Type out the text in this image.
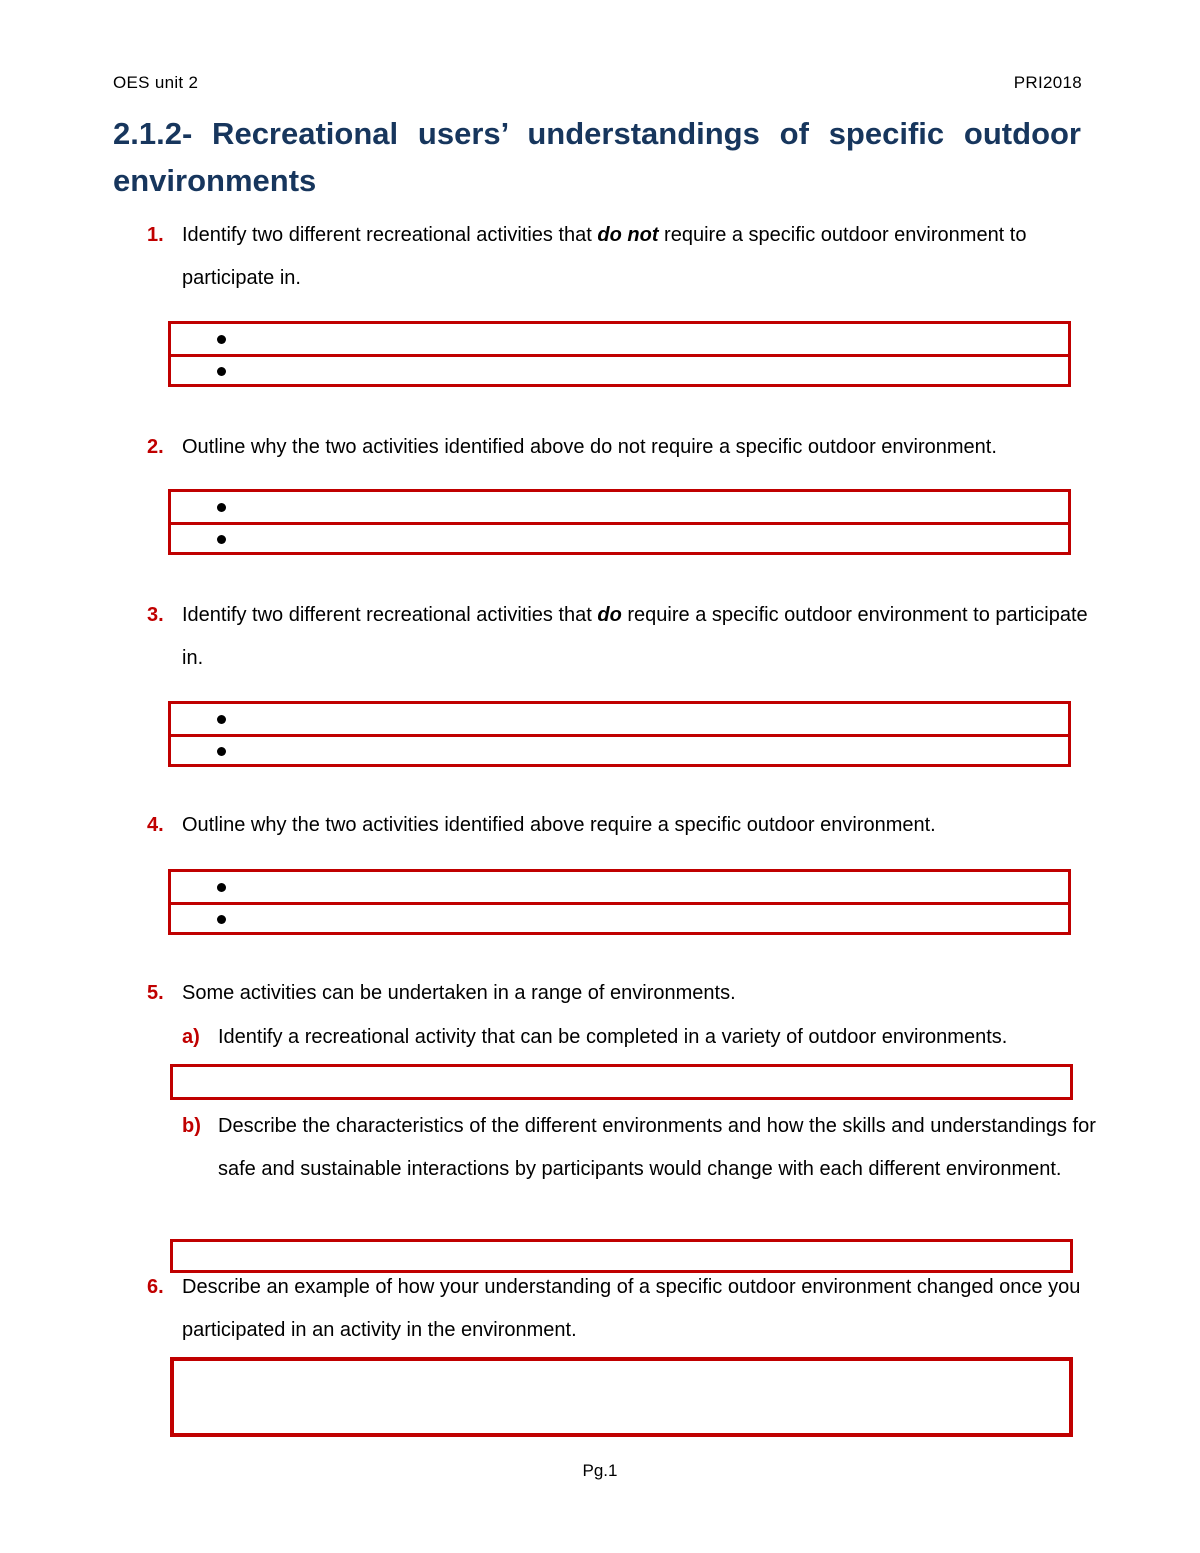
OES unit 2	PRI2018
2.1.2- Recreational users’ understandings of specific outdoor environments
1. Identify two different recreational activities that do not require a specific outdoor environment to participate in.
2. Outline why the two activities identified above do not require a specific outdoor environment.
3. Identify two different recreational activities that do require a specific outdoor environment to participate in.
4. Outline why the two activities identified above require a specific outdoor environment.
5. Some activities can be undertaken in a range of environments.
a) Identify a recreational activity that can be completed in a variety of outdoor environments.
b) Describe the characteristics of the different environments and how the skills and understandings for safe and sustainable interactions by participants would change with each different environment.
6. Describe an example of how your understanding of a specific outdoor environment changed once you participated in an activity in the environment.
Pg.1
